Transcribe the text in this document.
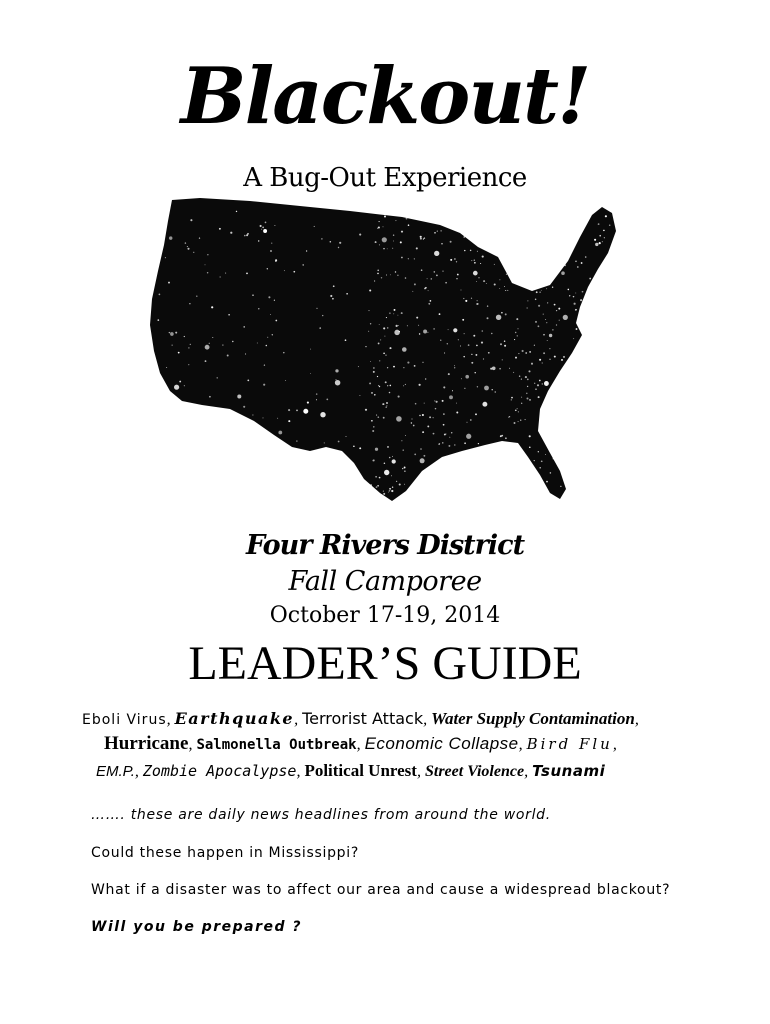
Blackout!
A Bug-Out Experience
Four Rivers District
Fall Camporee
October 17-19, 2014
LEADER’S GUIDE
Eboli Virus, Earthquake, Terrorist Attack, Water Supply Contamination,
Hurricane, Salmonella Outbreak, Economic Collapse, Bird Flu,
EM.P., Zombie Apocalypse, Political Unrest, Street Violence, Tsunami
……. these are daily news headlines from around the world.
Could these happen in Mississippi?
What if a disaster was to affect our area and cause a widespread blackout?
Will you be prepared ?
